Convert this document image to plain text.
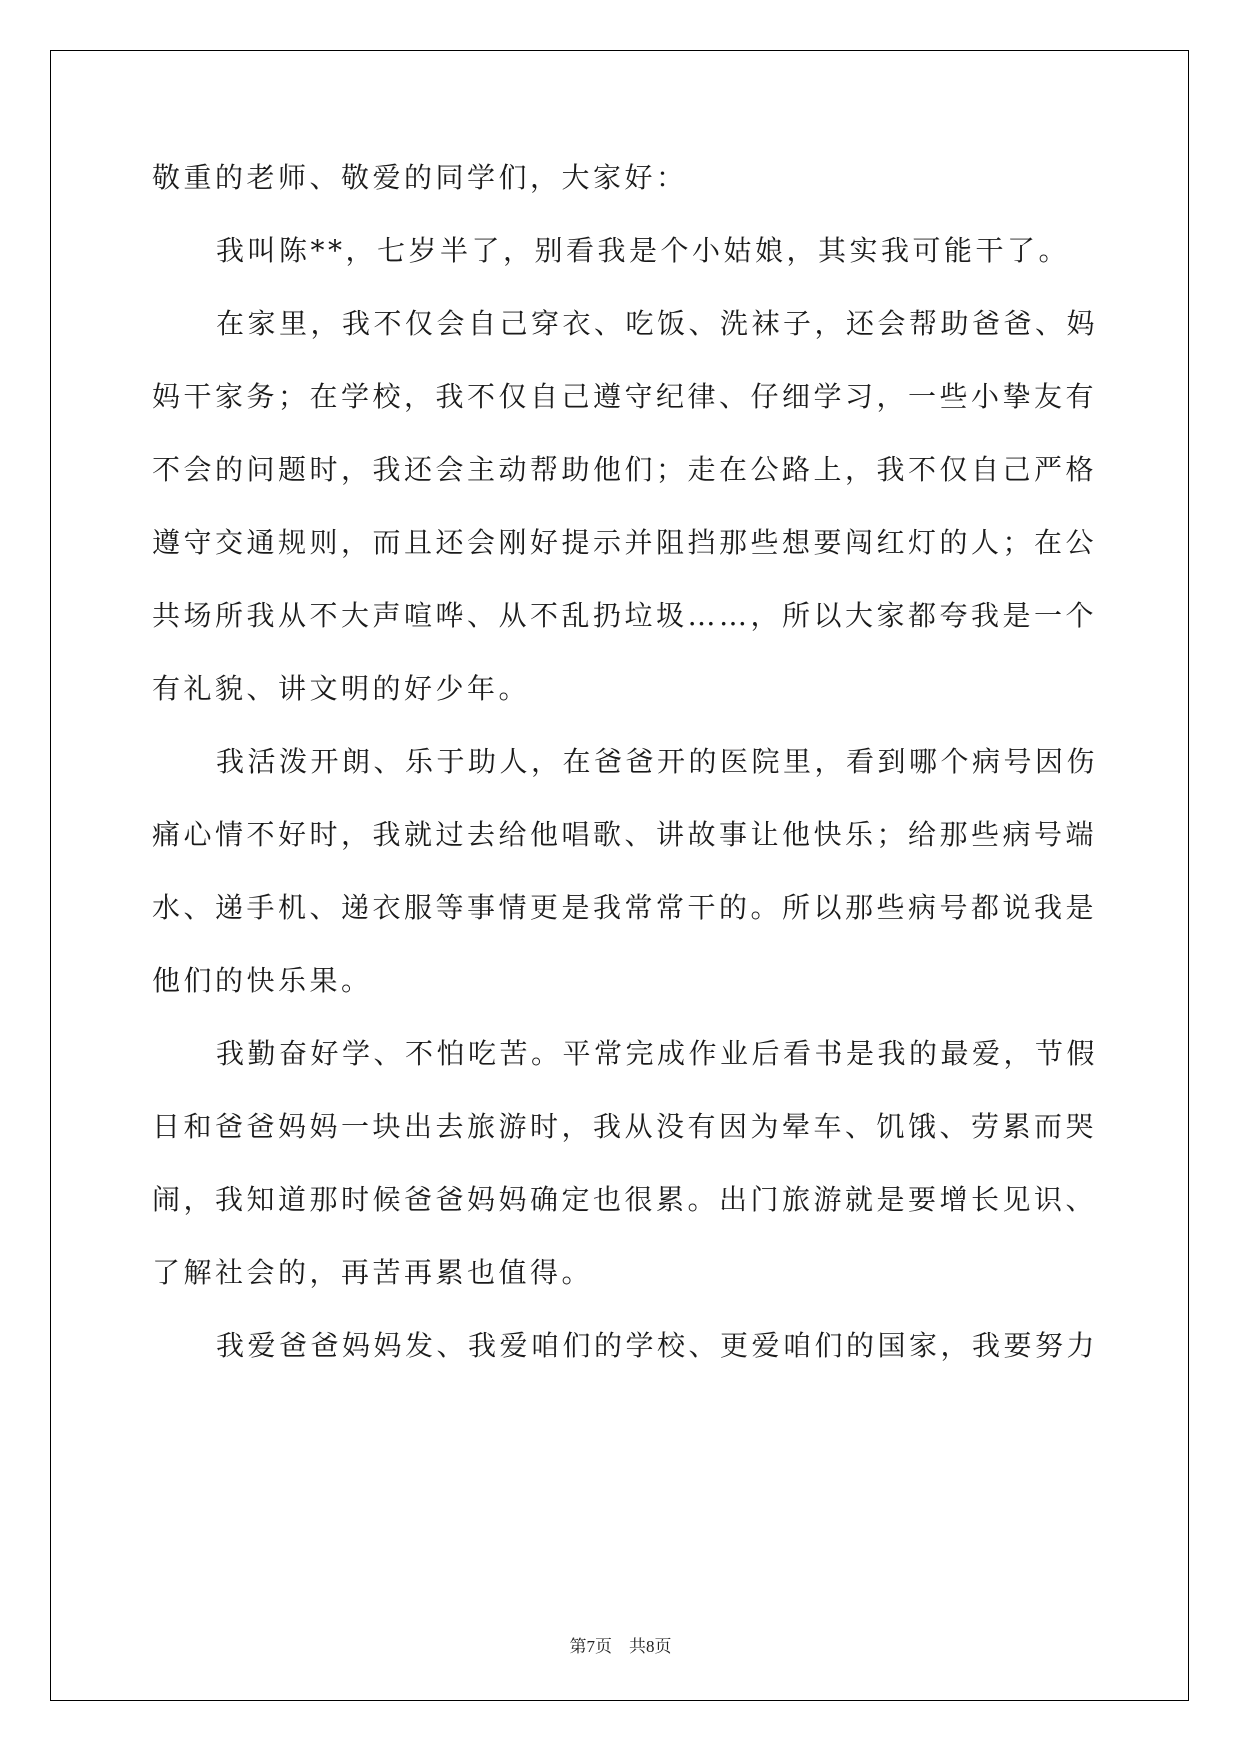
敬重的老师、敬爱的同学们，大家好：
我叫陈**，七岁半了，别看我是个小姑娘，其实我可能干了。
在家里，我不仅会自己穿衣、吃饭、洗袜子，还会帮助爸爸、妈
妈干家务；在学校，我不仅自己遵守纪律、仔细学习，一些小挚友有
不会的问题时，我还会主动帮助他们；走在公路上，我不仅自己严格
遵守交通规则，而且还会刚好提示并阻挡那些想要闯红灯的人；在公
共场所我从不大声喧哗、从不乱扔垃圾……，所以大家都夸我是一个
有礼貌、讲文明的好少年。
我活泼开朗、乐于助人，在爸爸开的医院里，看到哪个病号因伤
痛心情不好时，我就过去给他唱歌、讲故事让他快乐；给那些病号端
水、递手机、递衣服等事情更是我常常干的。所以那些病号都说我是
他们的快乐果。
我勤奋好学、不怕吃苦。平常完成作业后看书是我的最爱，节假
日和爸爸妈妈一块出去旅游时，我从没有因为晕车、饥饿、劳累而哭
闹，我知道那时候爸爸妈妈确定也很累。出门旅游就是要增长见识、
了解社会的，再苦再累也值得。
我爱爸爸妈妈发、我爱咱们的学校、更爱咱们的国家，我要努力
第7页　共8页
